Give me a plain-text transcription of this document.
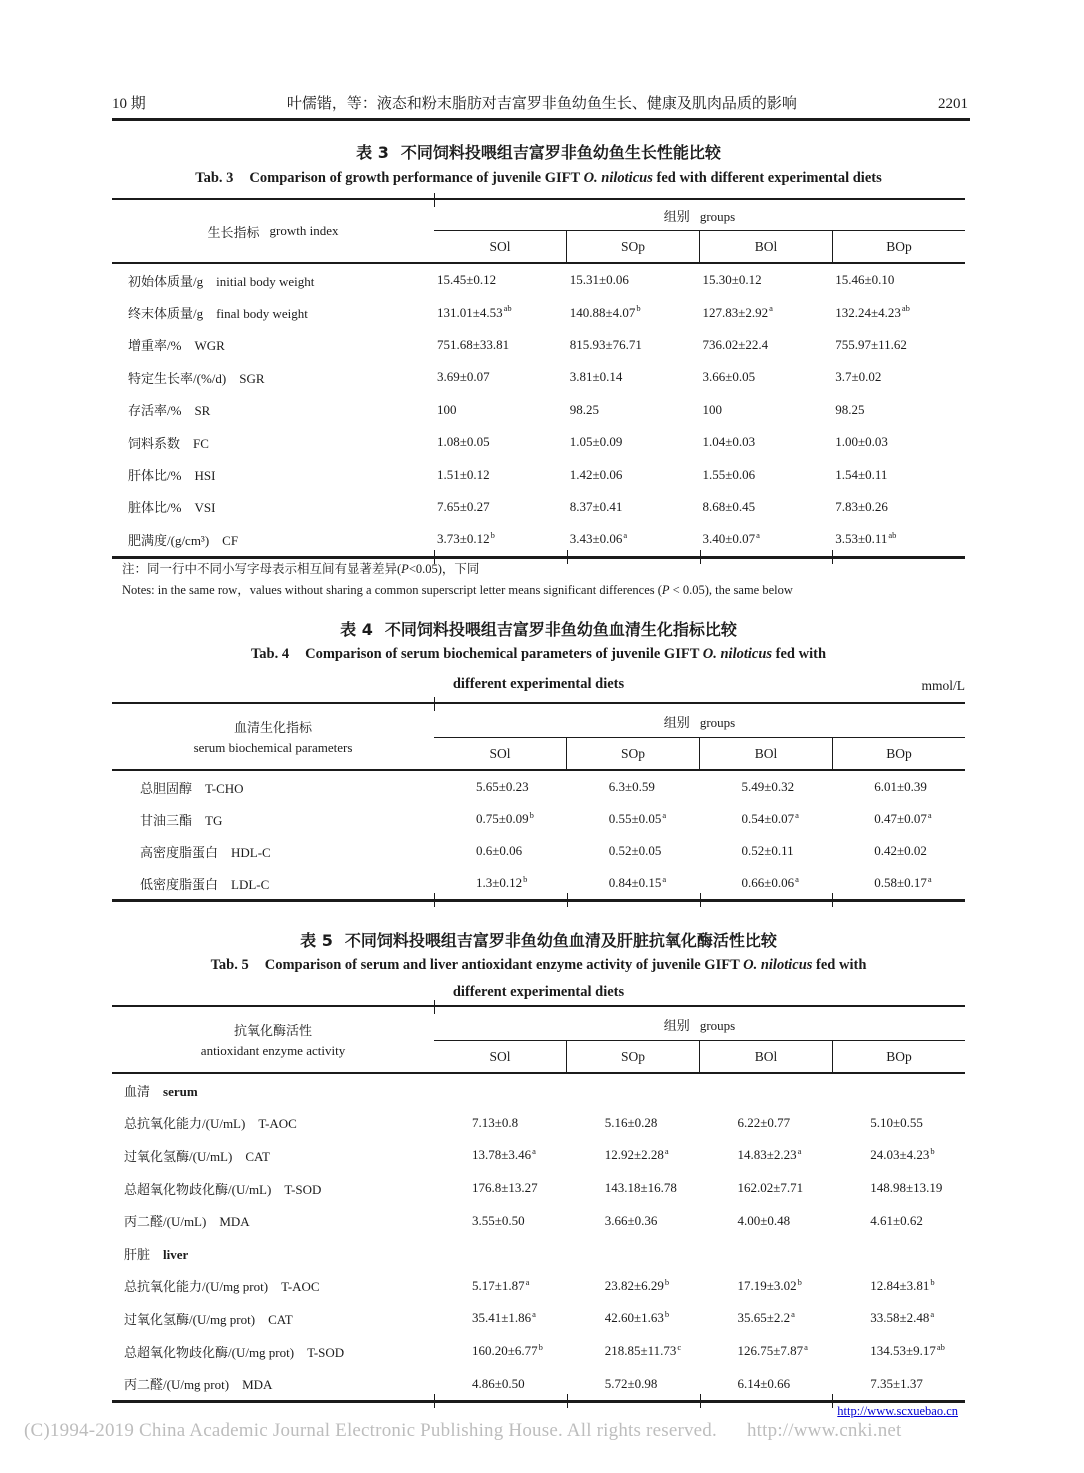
10 期	叶儒锴，等：液态和粉末脂肪对吉富罗非鱼幼鱼生长、健康及肌肉品质的影响	2201
表 3 不同饲料投喂组吉富罗非鱼幼鱼生长性能比较
Tab. 3 Comparison of growth performance of juvenile GIFT O. niloticus fed with different experimental diets
生长指标 growth index
组别 groups
SOl	SOp	BOl	BOp
初始体质量/g initial body weight	15.45±0.12	15.31±0.06	15.30±0.12	15.46±0.10
终末体质量/g final body weight	131.01±4.53$^{ab}$	140.88±4.07$^b$	127.83±2.92$^a$	132.24±4.23$^{ab}$
增重率/% WGR	751.68±33.81	815.93±76.71	736.02±22.4	755.97±11.62
特定生长率/(%/d) SGR	3.69±0.07	3.81±0.14	3.66±0.05	3.7±0.02
存活率/% SR	100	98.25	100	98.25
饲料系数 FC	1.08±0.05	1.05±0.09	1.04±0.03	1.00±0.03
肝体比/% HSI	1.51±0.12	1.42±0.06	1.55±0.06	1.54±0.11
脏体比/% VSI	7.65±0.27	8.37±0.41	8.68±0.45	7.83±0.26
肥满度/(g/cm³) CF	3.73±0.12$^b$	3.43±0.06$^a$	3.40±0.07$^a$	3.53±0.11$^{ab}$
注：同一行中不同小写字母表示相互间有显著差异(P<0.05)，下同
Notes: in the same row，values without sharing a common superscript letter means significant differences (P < 0.05), the same below
表 4 不同饲料投喂组吉富罗非鱼幼鱼血清生化指标比较
Tab. 4 Comparison of serum biochemical parameters of juvenile GIFT O. niloticus fed with
different experimental diets	mmol/L
血清生化指标
serum biochemical parameters
组别 groups
SOl	SOp	BOl	BOp
总胆固醇 T-CHO	5.65±0.23	6.3±0.59	5.49±0.32	6.01±0.39
甘油三酯 TG	0.75±0.09$^b$	0.55±0.05$^a$	0.54±0.07$^a$	0.47±0.07$^a$
高密度脂蛋白 HDL-C	0.6±0.06	0.52±0.05	0.52±0.11	0.42±0.02
低密度脂蛋白 LDL-C	1.3±0.12$^b$	0.84±0.15$^a$	0.66±0.06$^a$	0.58±0.17$^a$
表 5 不同饲料投喂组吉富罗非鱼幼鱼血清及肝脏抗氧化酶活性比较
Tab. 5 Comparison of serum and liver antioxidant enzyme activity of juvenile GIFT O. niloticus fed with
different experimental diets
抗氧化酶活性
antioxidant enzyme activity
组别 groups
SOl	SOp	BOl	BOp
血清 serum
总抗氧化能力/(U/mL) T-AOC	7.13±0.8	5.16±0.28	6.22±0.77	5.10±0.55
过氧化氢酶/(U/mL) CAT	13.78±3.46$^a$	12.92±2.28$^a$	14.83±2.23$^a$	24.03±4.23$^b$
总超氧化物歧化酶/(U/mL) T-SOD	176.8±13.27	143.18±16.78	162.02±7.71	148.98±13.19
丙二醛/(U/mL) MDA	3.55±0.50	3.66±0.36	4.00±0.48	4.61±0.62
肝脏 liver
总抗氧化能力/(U/mg prot) T-AOC	5.17±1.87$^a$	23.82±6.29$^b$	17.19±3.02$^b$	12.84±3.81$^b$
过氧化氢酶/(U/mg prot) CAT	35.41±1.86$^a$	42.60±1.63$^b$	35.65±2.2$^a$	33.58±2.48$^a$
总超氧化物歧化酶/(U/mg prot) T-SOD	160.20±6.77$^b$	218.85±11.73$^c$	126.75±7.87$^a$	134.53±9.17$^{ab}$
丙二醛/(U/mg prot) MDA	4.86±0.50	5.72±0.98	6.14±0.66	7.35±1.37
http://www.scxuebao.cn
(C)1994-2019 China Academic Journal Electronic Publishing House. All rights reserved. http://www.cnki.net
